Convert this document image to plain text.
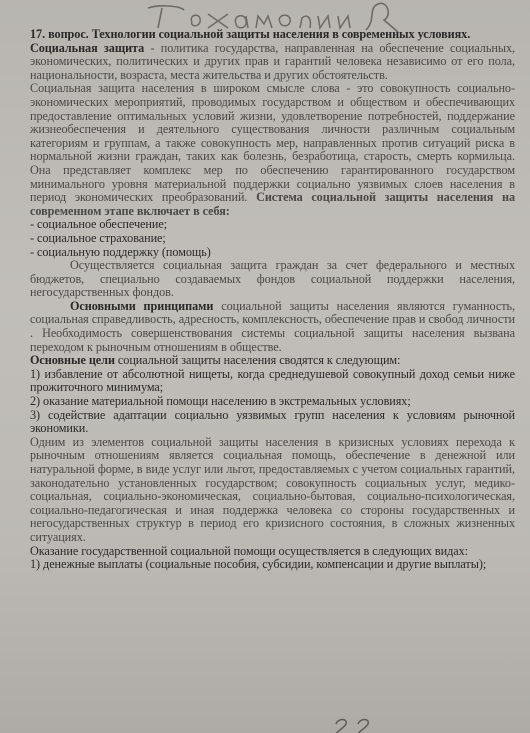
17. вопрос. Технологии социальной защиты населения в современных условиях.

Социальная защита - политика государства, направленная на обеспечение социальных, экономических, политических и других прав и гарантий человека независимо от его пола, национальности, возраста, места жительства и других обстоятельств.

Социальная защита населения в широком смысле слова - это совокупность социально-экономических мероприятий, проводимых государством и обществом и обеспечивающих предоставление оптимальных условий жизни, удовлетворение потребностей, поддержание жизнеобеспечения и деятельного существования личности различным социальным категориям и группам, а также совокупность мер, направленных против ситуаций риска в нормальной жизни граждан, таких как болезнь, безработица, старость, смерть кормильца. Она представляет комплекс мер по обеспечению гарантированного государством минимального уровня материальной поддержки социально уязвимых слоев населения в период экономических преобразований. Система социальной защиты населения на современном этапе включает в себя:

- социальное обеспечение;

- социальное страхование;

- социальную поддержку (помощь)

Осуществляется социальная защита граждан за счет федерального и местных бюджетов, специально создаваемых фондов социальной поддержки населения, негосударственных фондов.

Основными принципами социальной защиты населения являются гуманность, социальная справедливость, адресность, комплексность, обеспечение прав и свобод личности . Необходимость совершенствования системы социальной защиты населения вызвана переходом к рыночным отношениям в обществе.

Основные цели социальной защиты населения сводятся к следующим:

1) избавление от абсолютной нищеты, когда среднедушевой совокупный доход семьи ниже прожиточного минимума;

2) оказание материальной помощи населению в экстремальных условиях;

3) содействие адаптации социально уязвимых групп населения к условиям рыночной экономики.

Одним из элементов социальной защиты населения в кризисных условиях перехода к рыночным отношениям является социальная помощь, обеспечение в денежной или натуральной форме, в виде услуг или льгот, предоставляемых с учетом социальных гарантий, законодательно установленных государством; совокупность социальных услуг, медико-социальная, социально-экономическая, социально-бытовая, социально-психологическая, социально-педагогическая и иная поддержка человека со стороны государственных и негосударственных структур в период его кризисного состояния, в сложных жизненных ситуациях.

Оказание государственной социальной помощи осуществляется в следующих видах:

1) денежные выплаты (социальные пособия, субсидии, компенсации и другие выплаты);
